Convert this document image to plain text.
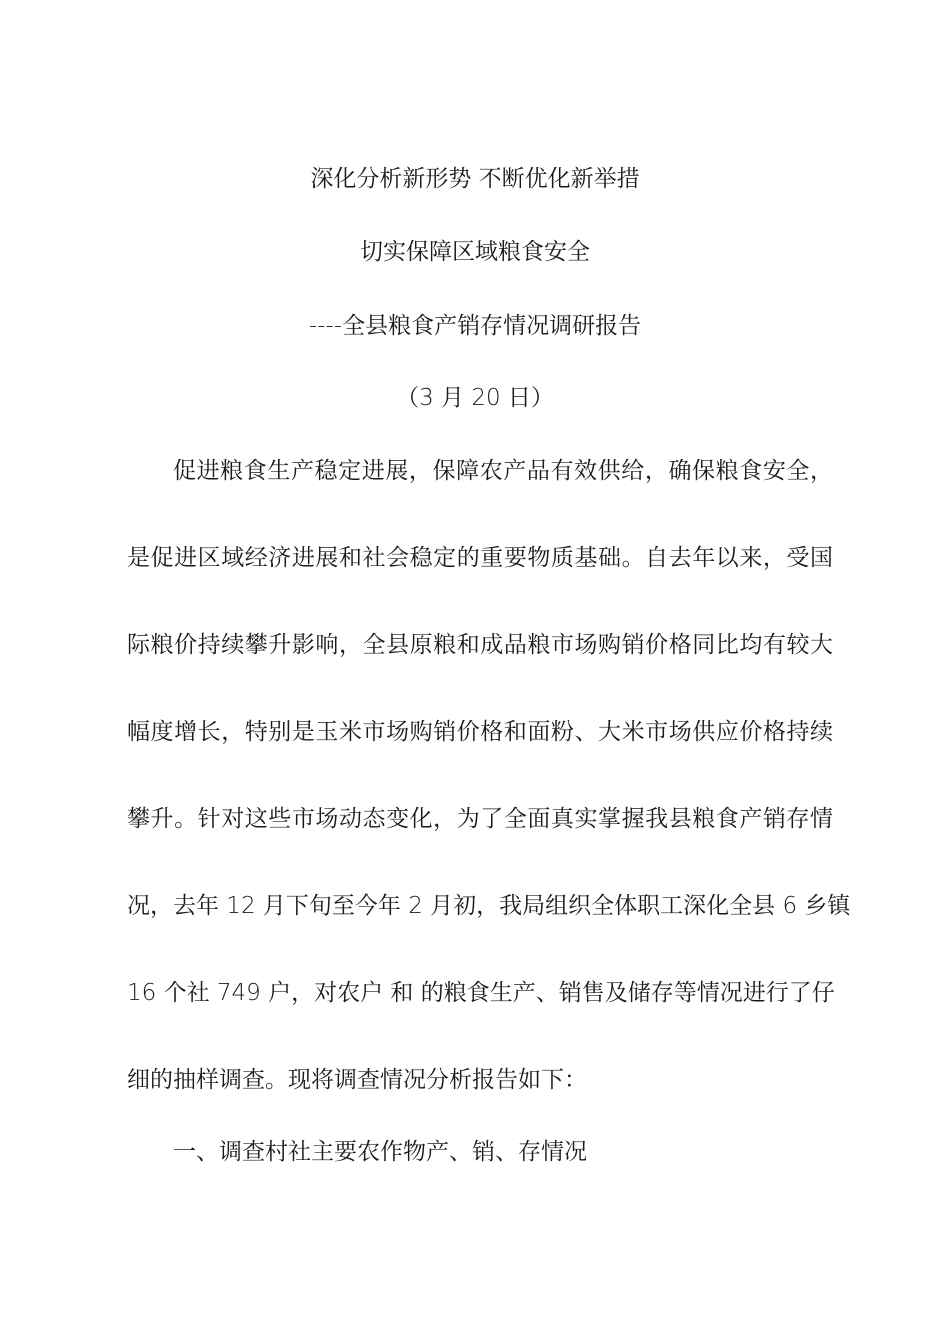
深化分析新形势 不断优化新举措
切实保障区域粮食安全
----全县粮食产销存情况调研报告
（3 月 20 日）
促进粮食生产稳定进展，保障农产品有效供给，确保粮食安全，
是促进区域经济进展和社会稳定的重要物质基础。自去年以来，受国
际粮价持续攀升影响，全县原粮和成品粮市场购销价格同比均有较大
幅度增长，特别是玉米市场购销价格和面粉、大米市场供应价格持续
攀升。针对这些市场动态变化，为了全面真实掌握我县粮食产销存情
况，去年 12 月下旬至今年 2 月初，我局组织全体职工深化全县 6 乡镇
16 个社 749 户，对农户 和 的粮食生产、销售及储存等情况进行了仔
细的抽样调查。现将调查情况分析报告如下：
一、调查村社主要农作物产、销、存情况
